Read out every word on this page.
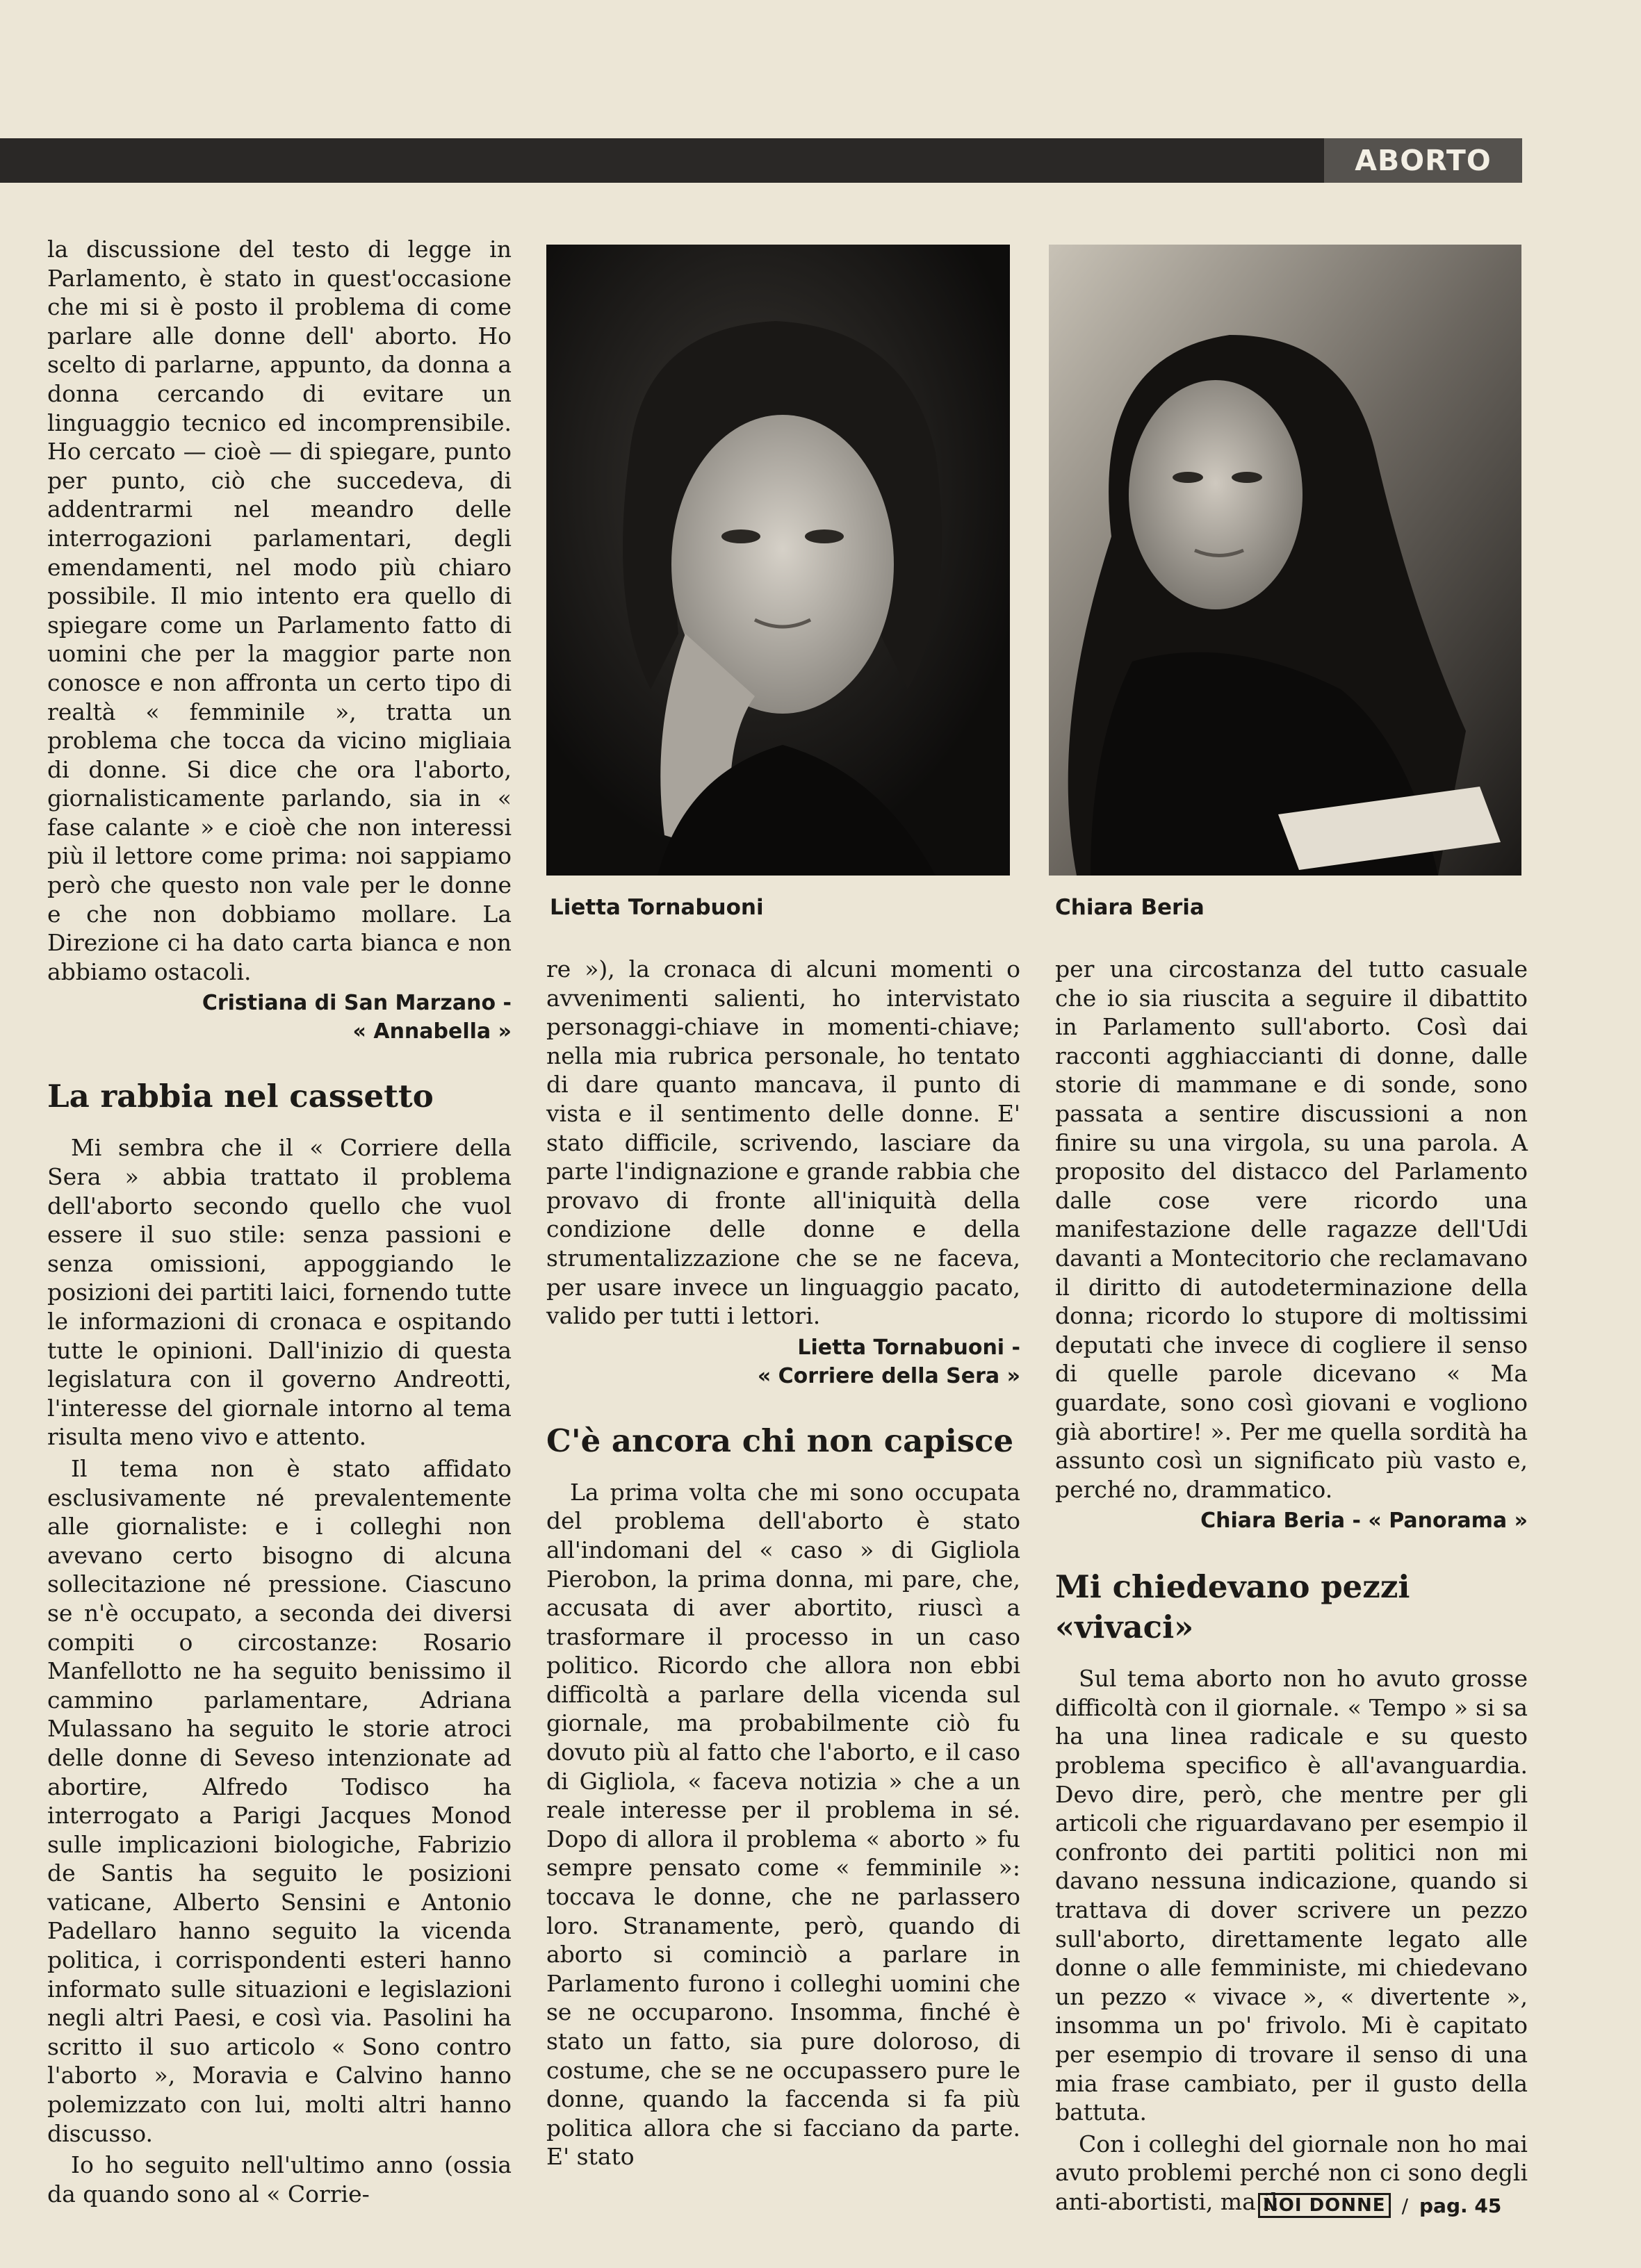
ABORTO

la discussione del testo di legge in Parlamento, è stato in quest'occasione che mi si è posto il problema di come parlare alle donne dell' aborto. Ho scelto di parlarne, appunto, da donna a donna cercando di evitare un linguaggio tecnico ed incomprensibile. Ho cercato — cioè — di spiegare, punto per punto, ciò che succedeva, di addentrarmi nel meandro delle interrogazioni parlamentari, degli emendamenti, nel modo più chiaro possibile. Il mio intento era quello di spiegare come un Parlamento fatto di uomini che per la maggior parte non conosce e non affronta un certo tipo di realtà « femminile », tratta un problema che tocca da vicino migliaia di donne. Si dice che ora l'aborto, giornalisticamente parlando, sia in « fase calante » e cioè che non interessi più il lettore come prima: noi sappiamo però che questo non vale per le donne e che non dobbiamo mollare. La Direzione ci ha dato carta bianca e non abbiamo ostacoli.

Cristiana di San Marzano -
« Annabella »
La rabbia nel cassetto

Mi sembra che il « Corriere della Sera » abbia trattato il problema dell'aborto secondo quello che vuol essere il suo stile: senza passioni e senza omissioni, appoggiando le posizioni dei partiti laici, fornendo tutte le informazioni di cronaca e ospitando tutte le opinioni. Dall'inizio di questa legislatura con il governo Andreotti, l'interesse del giornale intorno al tema risulta meno vivo e attento.

Il tema non è stato affidato esclusivamente né prevalentemente alle giornaliste: e i colleghi non avevano certo bisogno di alcuna sollecitazione né pressione. Ciascuno se n'è occupato, a seconda dei diversi compiti o circostanze: Rosario Manfellotto ne ha seguito benissimo il cammino parlamentare, Adriana Mulassano ha seguito le storie atroci delle donne di Seveso intenzionate ad abortire, Alfredo Todisco ha interrogato a Parigi Jacques Monod sulle implicazioni biologiche, Fabrizio de Santis ha seguito le posizioni vaticane, Alberto Sensini e Antonio Padellaro hanno seguito la vicenda politica, i corrispondenti esteri hanno informato sulle situazioni e legislazioni negli altri Paesi, e così via. Pasolini ha scritto il suo articolo « Sono contro l'aborto », Moravia e Calvino hanno polemizzato con lui, molti altri hanno discusso.

Io ho seguito nell'ultimo anno (ossia da quando sono al « Corrie-

Lietta Tornabuoni	Chiara Beria

re »), la cronaca di alcuni momenti o avvenimenti salienti, ho intervistato personaggi-chiave in momenti-chiave; nella mia rubrica personale, ho tentato di dare quanto mancava, il punto di vista e il sentimento delle donne. E' stato difficile, scrivendo, lasciare da parte l'indignazione e grande rabbia che provavo di fronte all'iniquità della condizione delle donne e della strumentalizzazione che se ne faceva, per usare invece un linguaggio pacato, valido per tutti i lettori.

Lietta Tornabuoni -
« Corriere della Sera »
C'è ancora chi non capisce

La prima volta che mi sono occupata del problema dell'aborto è stato all'indomani del « caso » di Gigliola Pierobon, la prima donna, mi pare, che, accusata di aver abortito, riuscì a trasformare il processo in un caso politico. Ricordo che allora non ebbi difficoltà a parlare della vicenda sul giornale, ma probabilmente ciò fu dovuto più al fatto che l'aborto, e il caso di Gigliola, « faceva notizia » che a un reale interesse per il problema in sé. Dopo di allora il problema « aborto » fu sempre pensato come « femminile »: toccava le donne, che ne parlassero loro. Stranamente, però, quando di aborto si cominciò a parlare in Parlamento furono i colleghi uomini che se ne occuparono. Insomma, finché è stato un fatto, sia pure doloroso, di costume, che se ne occupassero pure le donne, quando la faccenda si fa più politica allora che si facciano da parte. E' stato

per una circostanza del tutto casuale che io sia riuscita a seguire il dibattito in Parlamento sull'aborto. Così dai racconti agghiaccianti di donne, dalle storie di mammane e di sonde, sono passata a sentire discussioni a non finire su una virgola, su una parola. A proposito del distacco del Parlamento dalle cose vere ricordo una manifestazione delle ragazze dell'Udi davanti a Montecitorio che reclamavano il diritto di autodeterminazione della donna; ricordo lo stupore di moltissimi deputati che invece di cogliere il senso di quelle parole dicevano « Ma guardate, sono così giovani e vogliono già abortire! ». Per me quella sordità ha assunto così un significato più vasto e, perché no, drammatico.

Chiara Beria - « Panorama »
Mi chiedevano pezzi «vivaci»

Sul tema aborto non ho avuto grosse difficoltà con il giornale. « Tempo » si sa ha una linea radicale e su questo problema specifico è all'avanguardia. Devo dire, però, che mentre per gli articoli che riguardavano per esempio il confronto dei partiti politici non mi davano nessuna indicazione, quando si trattava di dover scrivere un pezzo sull'aborto, direttamente legato alle donne o alle femministe, mi chiedevano un pezzo « vivace », « divertente », insomma un po' frivolo. Mi è capitato per esempio di trovare il senso di una mia frase cambiato, per il gusto della battuta.

Con i colleghi del giornale non ho mai avuto problemi perché non ci sono degli anti-abortisti, ma il

NOI DONNE / pag. 45
